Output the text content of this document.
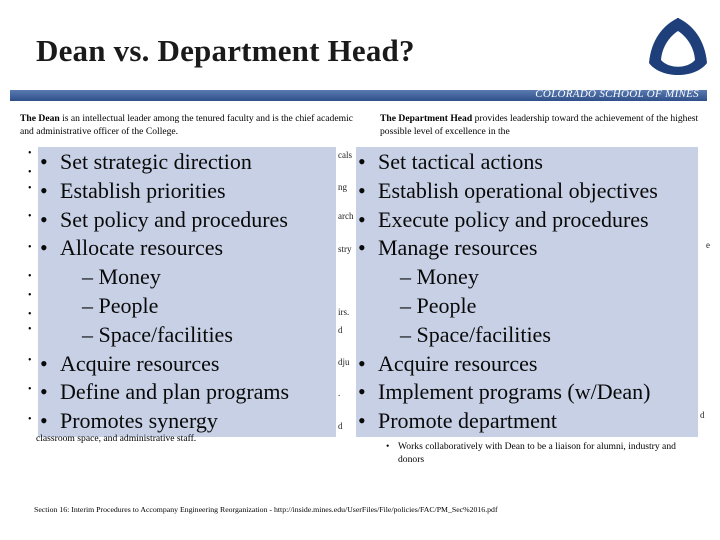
Dean vs. Department Head?
COLORADO SCHOOL OF MINES
The Dean is an intellectual leader among the tenured faculty and is the chief academic and administrative officer of the College.
The Department Head provides leadership toward the achievement of the highest possible level of excellence in the
•
•
•
•
•
•
•
•
•
•
•
•
cals
ng
arch
stry
irs.
d
dju
.
d
e
d
• Set strategic direction
• Establish priorities
• Set policy and procedures
• Allocate resources
– Money
– People
– Space/facilities
• Acquire resources
• Define and plan programs
• Promotes synergy
• Set tactical actions
• Establish operational objectives
• Execute policy and procedures
• Manage resources
– Money
– People
– Space/facilities
• Acquire resources
• Implement programs (w/Dean)
• Promote department
classroom space, and administrative staff.
• Works collaboratively with Dean to be a liaison for alumni, industry and donors
Section 16: Interim Procedures to Accompany Engineering Reorganization - http://inside.mines.edu/UserFiles/File/policies/FAC/PM_Sec%2016.pdf
